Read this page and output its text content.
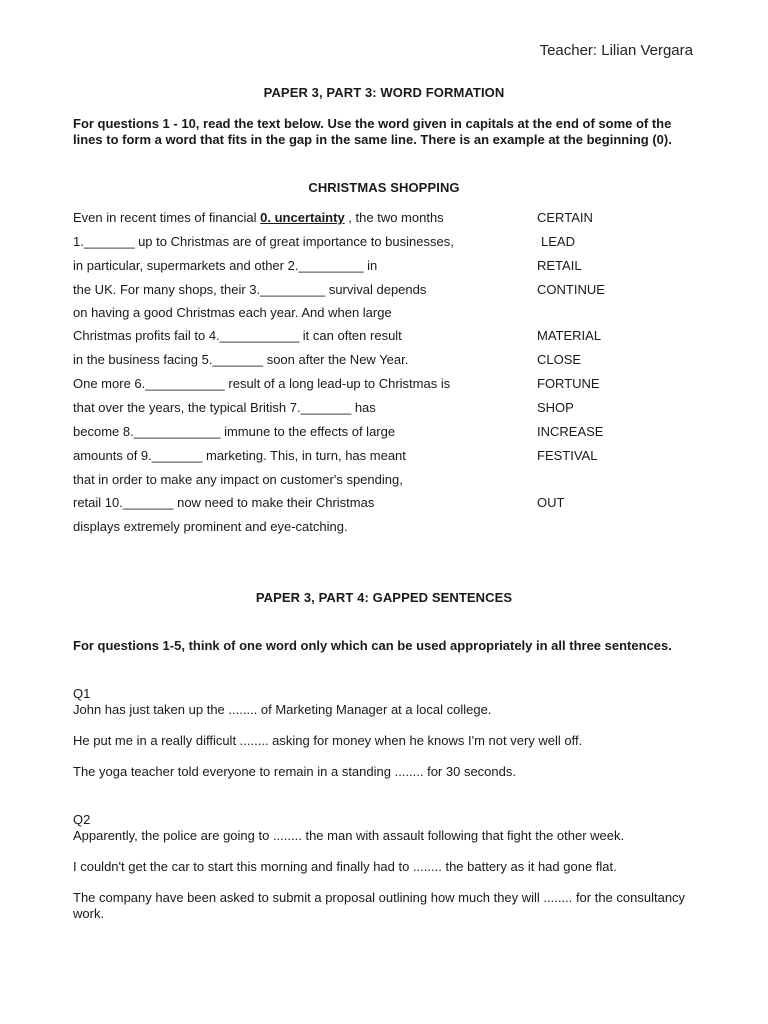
Teacher: Lilian Vergara
PAPER 3, PART 3: WORD FORMATION
For questions 1 - 10, read the text below. Use the word given in capitals at the end of some of the lines to form a word that fits in the gap in the same line. There is an example at the beginning (0).
CHRISTMAS SHOPPING
Even in recent times of financial 0. uncertainty , the two months	CERTAIN
1._______ up to Christmas are of great importance to businesses,	LEAD
in particular, supermarkets and other 2._________ in	RETAIL
the UK. For many shops, their 3._________ survival depends	CONTINUE
on having a good Christmas each year. And when large
Christmas profits fail to 4.___________ it can often result	MATERIAL
in the business facing 5._______ soon after the New Year.	CLOSE
One more 6.___________ result of a long lead-up to Christmas is	FORTUNE
that over the years, the typical British 7._______ has	SHOP
become 8.____________ immune to the effects of large	INCREASE
amounts of 9._______ marketing. This, in turn, has meant	FESTIVAL
that in order to make any impact on customer's spending,
retail 10._______ now need to make their Christmas	OUT
displays extremely prominent and eye-catching.
PAPER 3, PART 4: GAPPED SENTENCES
For questions 1-5, think of one word only which can be used appropriately in all three sentences.
Q1
John has just taken up the ........ of Marketing Manager at a local college.
He put me in a really difficult ........ asking for money when he knows I'm not very well off.
The yoga teacher told everyone to remain in a standing ........ for 30 seconds.
Q2
Apparently, the police are going to ........ the man with assault following that fight the other week.
I couldn't get the car to start this morning and finally had to ........ the battery as it had gone flat.
The company have been asked to submit a proposal outlining how much they will ........ for the consultancy work.
